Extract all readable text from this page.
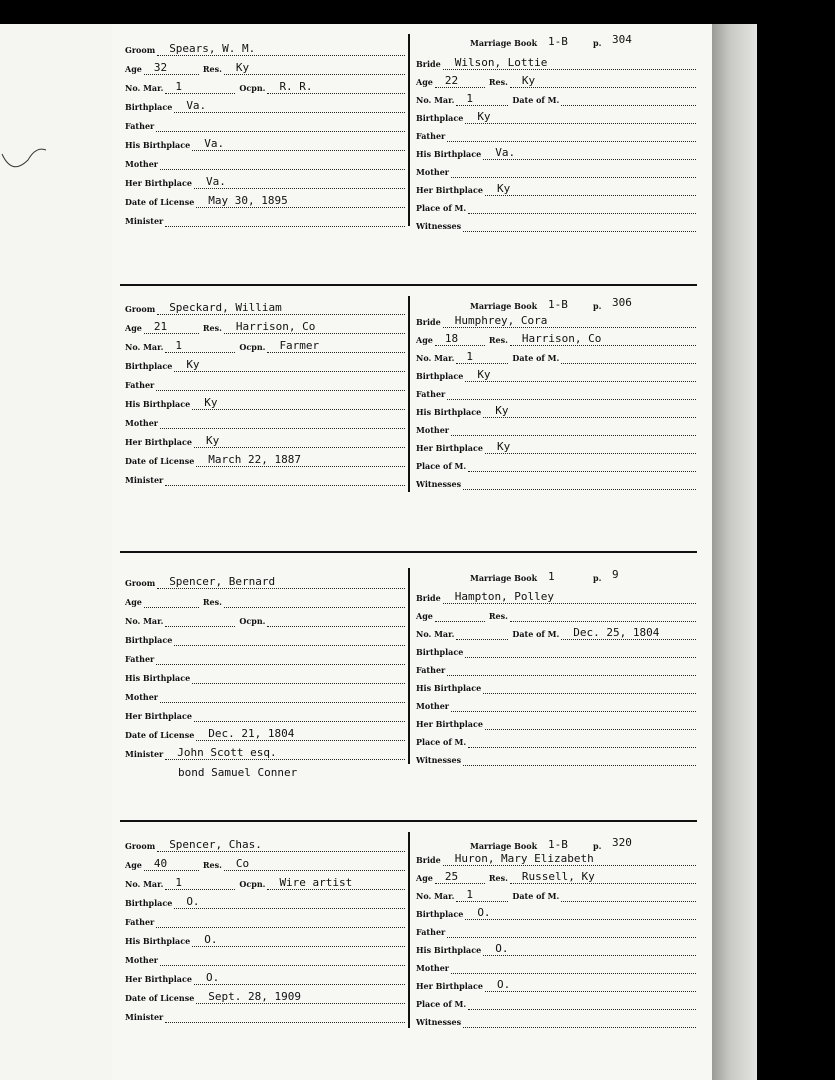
Groom Spears, W. M.
Age 32	Res. Ky
No. Mar. 1	Ocpn. R. R.
Birthplace Va.
Father
His Birthplace Va.
Mother
Her Birthplace Va.
Date of License May 30, 1895
Minister
Marriage Book 1-B	p. 304
Bride Wilson, Lottie
Age 22	Res. Ky
No. Mar. 1	Date of M.
Birthplace Ky
Father
His Birthplace Va.
Mother
Her Birthplace Ky
Place of M.
Witnesses
Groom Speckard, William
Age 21	Res. Harrison, Co
No. Mar. 1	Ocpn. Farmer
Birthplace Ky
Father
His Birthplace Ky
Mother
Her Birthplace Ky
Date of License March 22, 1887
Minister
Marriage Book 1-B	p. 306
Bride Humphrey, Cora
Age 18	Res. Harrison, Co
No. Mar. 1	Date of M.
Birthplace Ky
Father
His Birthplace Ky
Mother
Her Birthplace Ky
Place of M.
Witnesses
Groom Spencer, Bernard
Age	Res.
No. Mar.	Ocpn.
Birthplace
Father
His Birthplace
Mother
Her Birthplace
Date of License Dec. 21, 1804
Minister John Scott esq.
bond Samuel Conner
Marriage Book 1	p. 9
Bride Hampton, Polley
Age	Res.
No. Mar.	Date of M. Dec. 25, 1804
Birthplace
Father
His Birthplace
Mother
Her Birthplace
Place of M.
Witnesses
Groom Spencer, Chas.
Age 40	Res. Co
No. Mar. 1	Ocpn. Wire artist
Birthplace O.
Father
His Birthplace O.
Mother
Her Birthplace O.
Date of License Sept. 28, 1909
Minister
Marriage Book 1-B	p. 320
Bride Huron, Mary Elizabeth
Age 25	Res. Russell, Ky
No. Mar. 1	Date of M.
Birthplace O.
Father
His Birthplace O.
Mother
Her Birthplace O.
Place of M.
Witnesses
